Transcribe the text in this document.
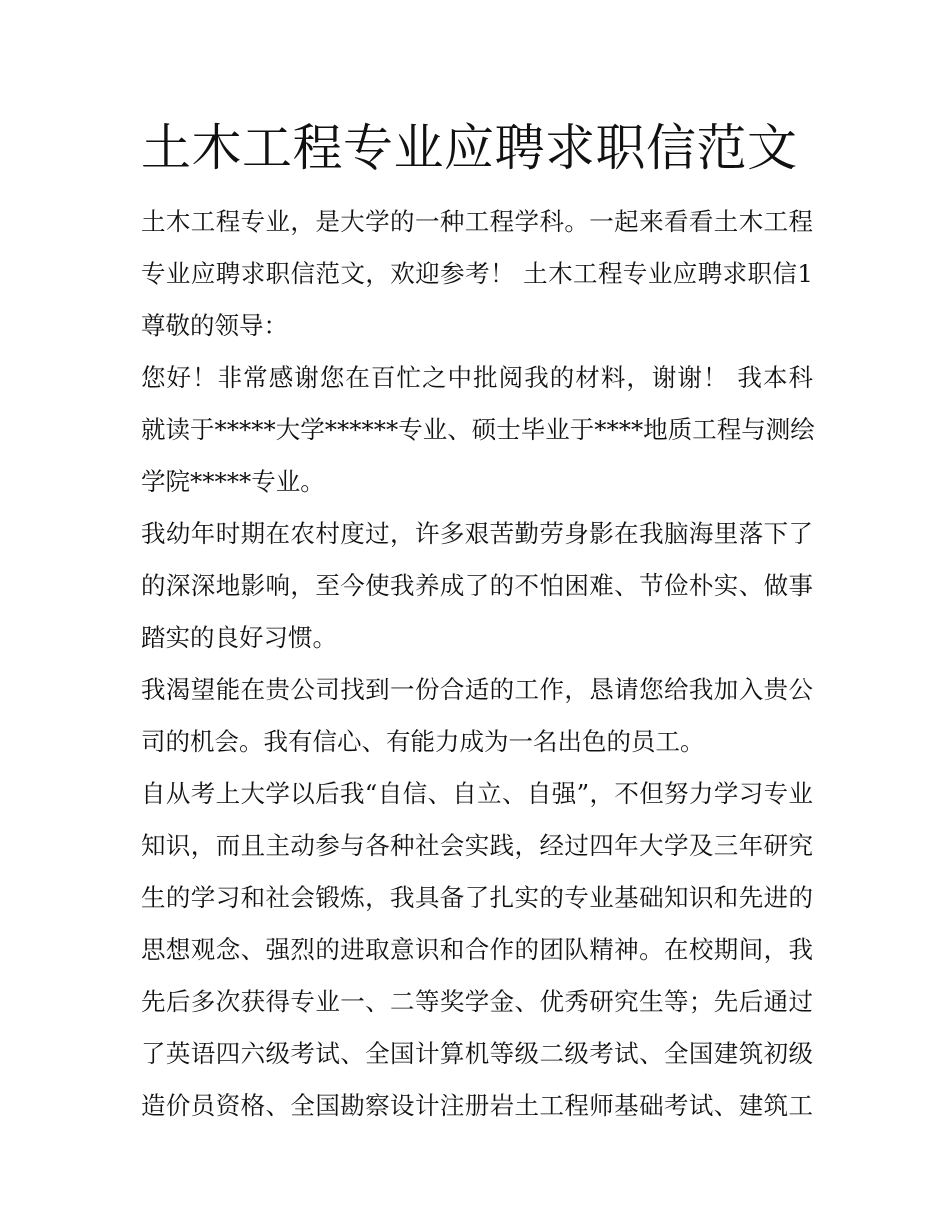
土木工程专业应聘求职信范文
土木工程专业，是大学的一种工程学科。一起来看看土木工程
专业应聘求职信范文，欢迎参考！ 土木工程专业应聘求职信1
尊敬的领导：
您好！非常感谢您在百忙之中批阅我的材料，谢谢！ 我本科
就读于*****大学******专业、硕士毕业于****地质工程与测绘
学院*****专业。
我幼年时期在农村度过，许多艰苦勤劳身影在我脑海里落下了
的深深地影响，至今使我养成了的不怕困难、节俭朴实、做事
踏实的良好习惯。
我渴望能在贵公司找到一份合适的工作，恳请您给我加入贵公
司的机会。我有信心、有能力成为一名出色的员工。
自从考上大学以后我“自信、自立、自强”，不但努力学习专业
知识，而且主动参与各种社会实践，经过四年大学及三年研究
生的学习和社会锻炼，我具备了扎实的专业基础知识和先进的
思想观念、强烈的进取意识和合作的团队精神。在校期间，我
先后多次获得专业一、二等奖学金、优秀研究生等；先后通过
了英语四六级考试、全国计算机等级二级考试、全国建筑初级
造价员资格、全国勘察设计注册岩土工程师基础考试、建筑工
